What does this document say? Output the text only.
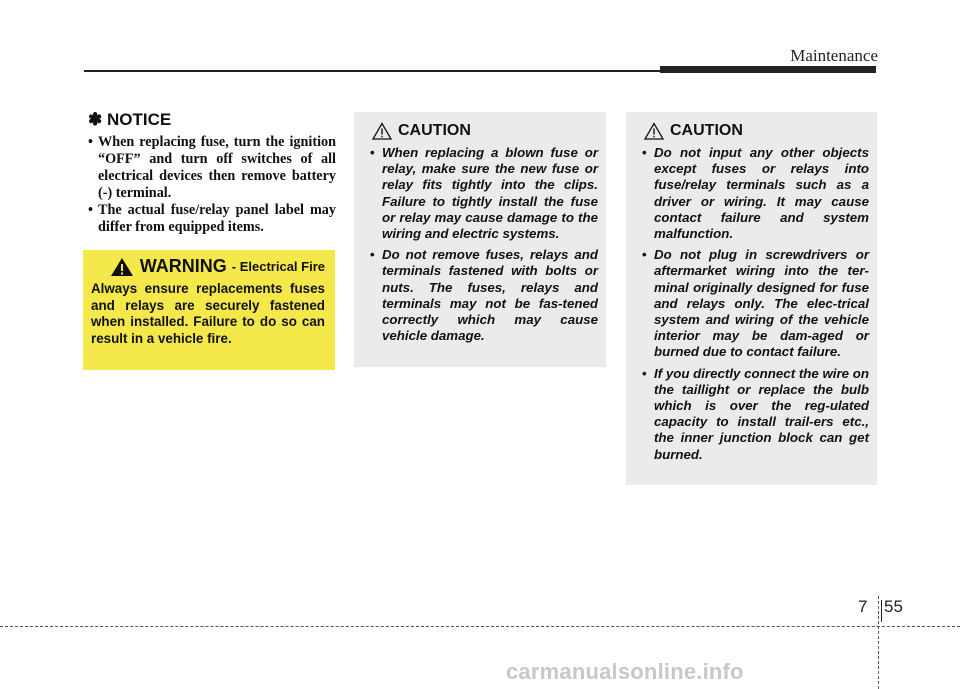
Maintenance
✽ NOTICE
• When replacing fuse, turn the ignition “OFF” and turn off switches of all electrical devices then remove battery (-) terminal.
• The actual fuse/relay panel label may differ from equipped items.
WARNING - Electrical Fire
Always ensure replacements fuses and relays are securely fastened when installed. Failure to do so can result in a vehicle fire.
CAUTION
• When replacing a blown fuse or relay, make sure the new fuse or relay fits tightly into the clips. Failure to tightly install the fuse or relay may cause damage to the wiring and electric systems.
• Do not remove fuses, relays and terminals fastened with bolts or nuts. The fuses, relays and terminals may not be fas-tened correctly which may cause vehicle damage.
CAUTION
• Do not input any other objects except fuses or relays into fuse/relay terminals such as a driver or wiring. It may cause contact failure and system malfunction.
• Do not plug in screwdrivers or aftermarket wiring into the ter-minal originally designed for fuse and relays only. The elec-trical system and wiring of the vehicle interior may be dam-aged or burned due to contact failure.
• If you directly connect the wire on the taillight or replace the bulb which is over the reg-ulated capacity to install trail-ers etc., the inner junction block can get burned.
7 55
carmanualsonline.info
